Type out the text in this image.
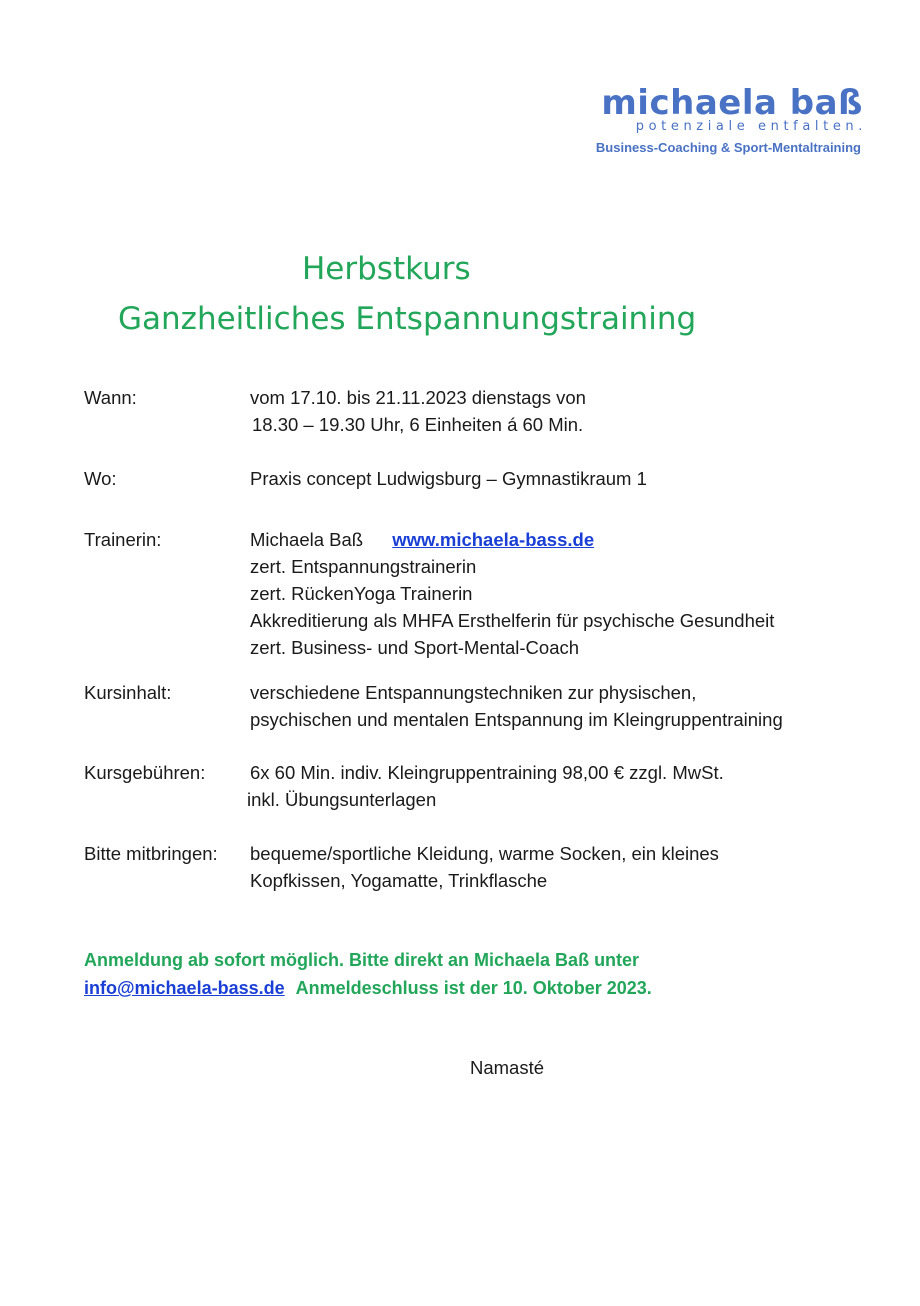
michaela baß
potenziale entfalten.
Business-Coaching & Sport-Mentaltraining
Herbstkurs
Ganzheitliches Entspannungstraining
Wann:	vom 17.10. bis 21.11.2023 dienstags von
18.30 – 19.30 Uhr, 6 Einheiten á 60 Min.
Wo:	Praxis concept Ludwigsburg – Gymnastikraum 1
Trainerin:	Michaela Baß www.michaela-bass.de
zert. Entspannungstrainerin
zert. RückenYoga Trainerin
Akkreditierung als MHFA Ersthelferin für psychische Gesundheit
zert. Business- und Sport-Mental-Coach
Kursinhalt:	verschiedene Entspannungstechniken zur physischen,
psychischen und mentalen Entspannung im Kleingruppentraining
Kursgebühren: 6x 60 Min. indiv. Kleingruppentraining 98,00 € zzgl. MwSt.
inkl. Übungsunterlagen
Bitte mitbringen: bequeme/sportliche Kleidung, warme Socken, ein kleines
Kopfkissen, Yogamatte, Trinkflasche
Anmeldung ab sofort möglich. Bitte direkt an Michaela Baß unter
info@michaela-bass.de Anmeldeschluss ist der 10. Oktober 2023.
Namasté
